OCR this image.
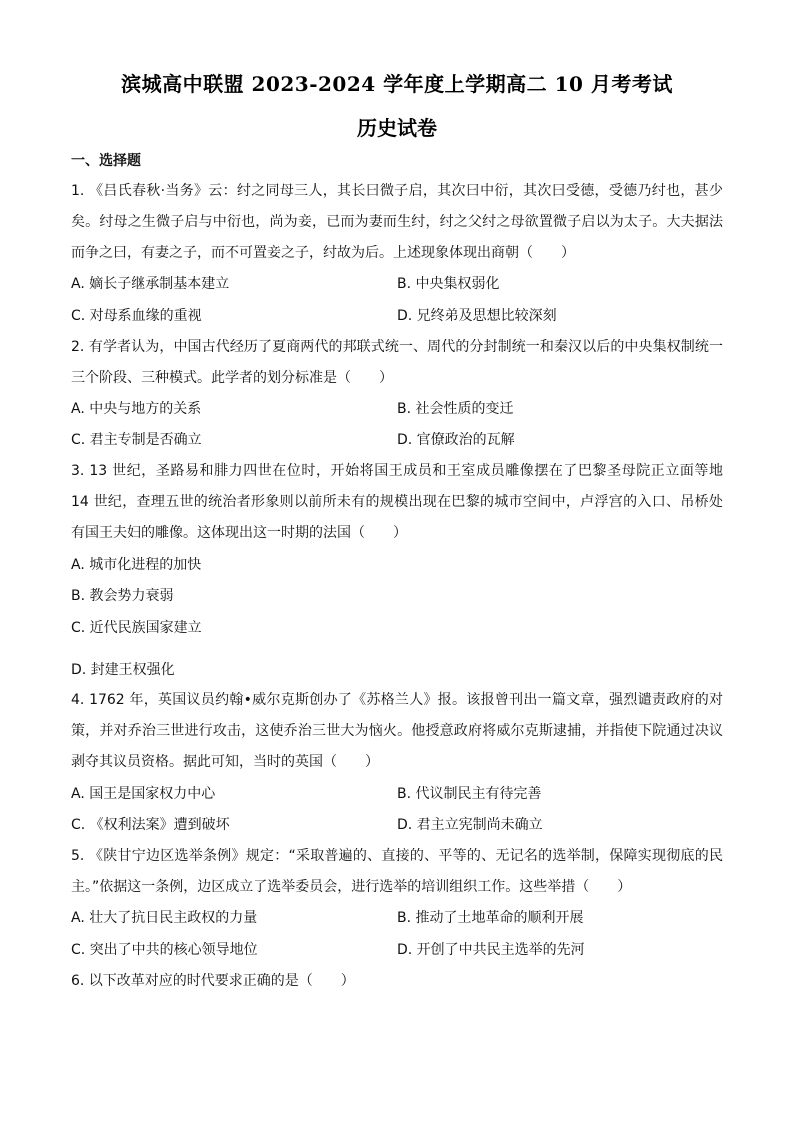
滨城高中联盟 2023-2024 学年度上学期高二 10 月考考试
历史试卷
一、选择题
1. 《吕氏春秋·当务》云：纣之同母三人，其长曰微子启，其次曰中衍，其次曰受德，受德乃纣也，甚少
矣。纣母之生微子启与中衍也，尚为妾，已而为妻而生纣，纣之父纣之母欲置微子启以为太子。大夫据法
而争之曰，有妻之子，而不可置妾之子，纣故为后。上述现象体现出商朝（　　）
A. 嫡长子继承制基本建立	B. 中央集权弱化
C. 对母系血缘的重视	D. 兄终弟及思想比较深刻
2. 有学者认为，中国古代经历了夏商两代的邦联式统一、周代的分封制统一和秦汉以后的中央集权制统一
三个阶段、三种模式。此学者的划分标准是（　　）
A. 中央与地方的关系	B. 社会性质的变迁
C. 君主专制是否确立	D. 官僚政治的瓦解
3. 13 世纪，圣路易和腓力四世在位时，开始将国王成员和王室成员雕像摆在了巴黎圣母院正立面等地
14 世纪，查理五世的统治者形象则以前所未有的规模出现在巴黎的城市空间中，卢浮宫的入口、吊桥处
有国王夫妇的雕像。这体现出这一时期的法国（　　）
A. 城市化进程的加快
B. 教会势力衰弱
C. 近代民族国家建立
D. 封建王权强化
4. 1762 年，英国议员约翰•威尔克斯创办了《苏格兰人》报。该报曾刊出一篇文章，强烈谴责政府的对
策，并对乔治三世进行攻击，这使乔治三世大为恼火。他授意政府将威尔克斯逮捕，并指使下院通过决议
剥夺其议员资格。据此可知，当时的英国（　　）
A. 国王是国家权力中心	B. 代议制民主有待完善
C. 《权利法案》遭到破坏	D. 君主立宪制尚未确立
5. 《陕甘宁边区选举条例》规定：“采取普遍的、直接的、平等的、无记名的选举制，保障实现彻底的民
主。”依据这一条例，边区成立了选举委员会，进行选举的培训组织工作。这些举措（　　）
A. 壮大了抗日民主政权的力量	B. 推动了土地革命的顺利开展
C. 突出了中共的核心领导地位	D. 开创了中共民主选举的先河
6. 以下改革对应的时代要求正确的是（　　）
